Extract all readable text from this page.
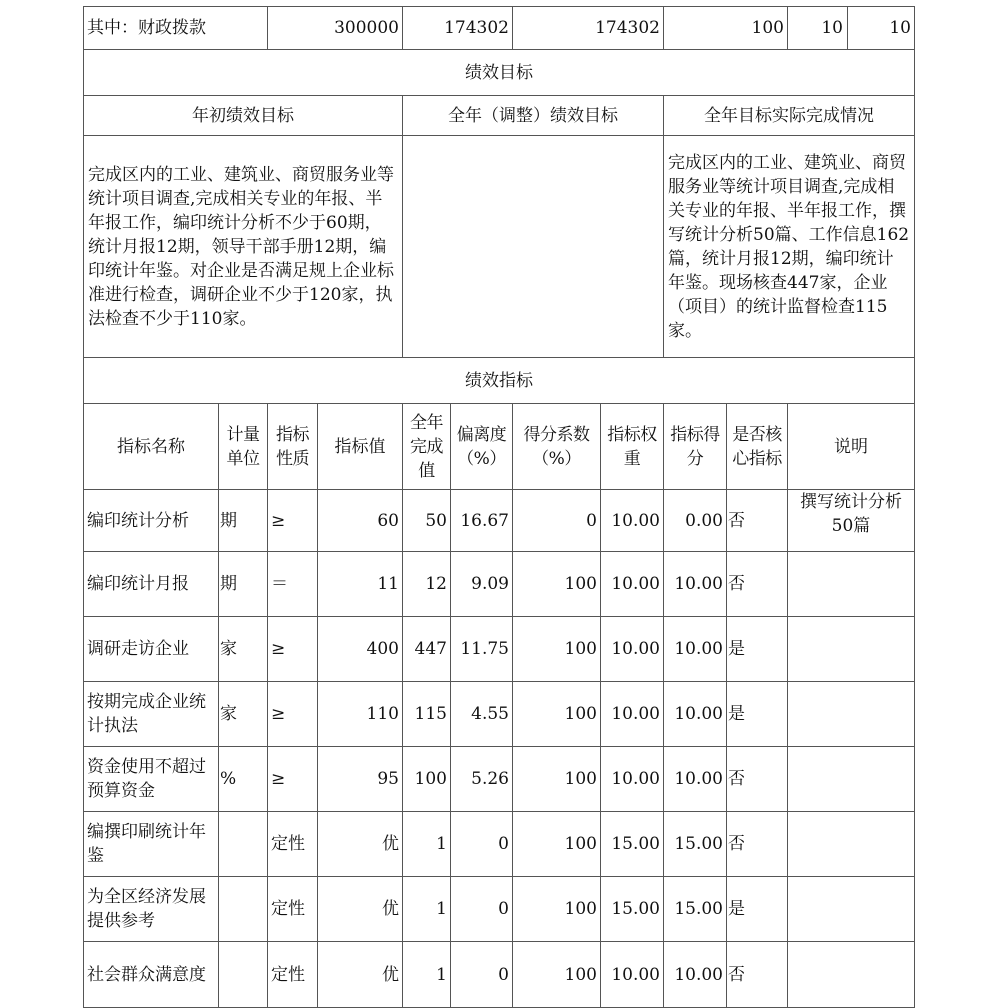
其中：财政拨款		300000		174302		174302		100		10 10

绩效目标										
年初绩效目标				全年（调整）绩效目标				全年目标实际完成情况		
完成区内的工业、建筑业、商贸服务业等统计项目调查,完成相关专业的年报、半年报工作，编印统计分析不少于60期，统计月报12期，领导干部手册12期，编印统计年鉴。对企业是否满足规上企业标准进行检查，调研企业不少于120家，执法检查不少于110家。								完成区内的工业、建筑业、商贸服务业等统计项目调查,完成相关专业的年报、半年报工作，撰写统计分析50篇、工作信息162篇，统计月报12期，编印统计年鉴。现场核查447家，企业（项目）的统计监督检查115家。		
绩效指标										
指标名称	计量单位	指标性质	指标值	全年完成值	偏离度（%）	得分系数（%）	指标权重	指标得分	是否核心指标	说明
编印统计分析	期	≥	60	50	16.67	0	10.00	0.00	否	撰写统计分析50篇
编印统计月报	期	＝	11	12	9.09	100	10.00	10.00	否	
调研走访企业	家	≥	400	447	11.75	100	10.00	10.00	是	
按期完成企业统计执法	家	≥	110	115	4.55	100	10.00	10.00	是	
资金使用不超过预算资金	%	≥	95	100	5.26	100	10.00	10.00	否	
编撰印刷统计年鉴		定性	优	1	0	100	15.00	15.00	否	
为全区经济发展提供参考		定性	优	1	0	100	15.00	15.00	是	
社会群众满意度		定性	优	1	0	100	10.00	10.00	否	
